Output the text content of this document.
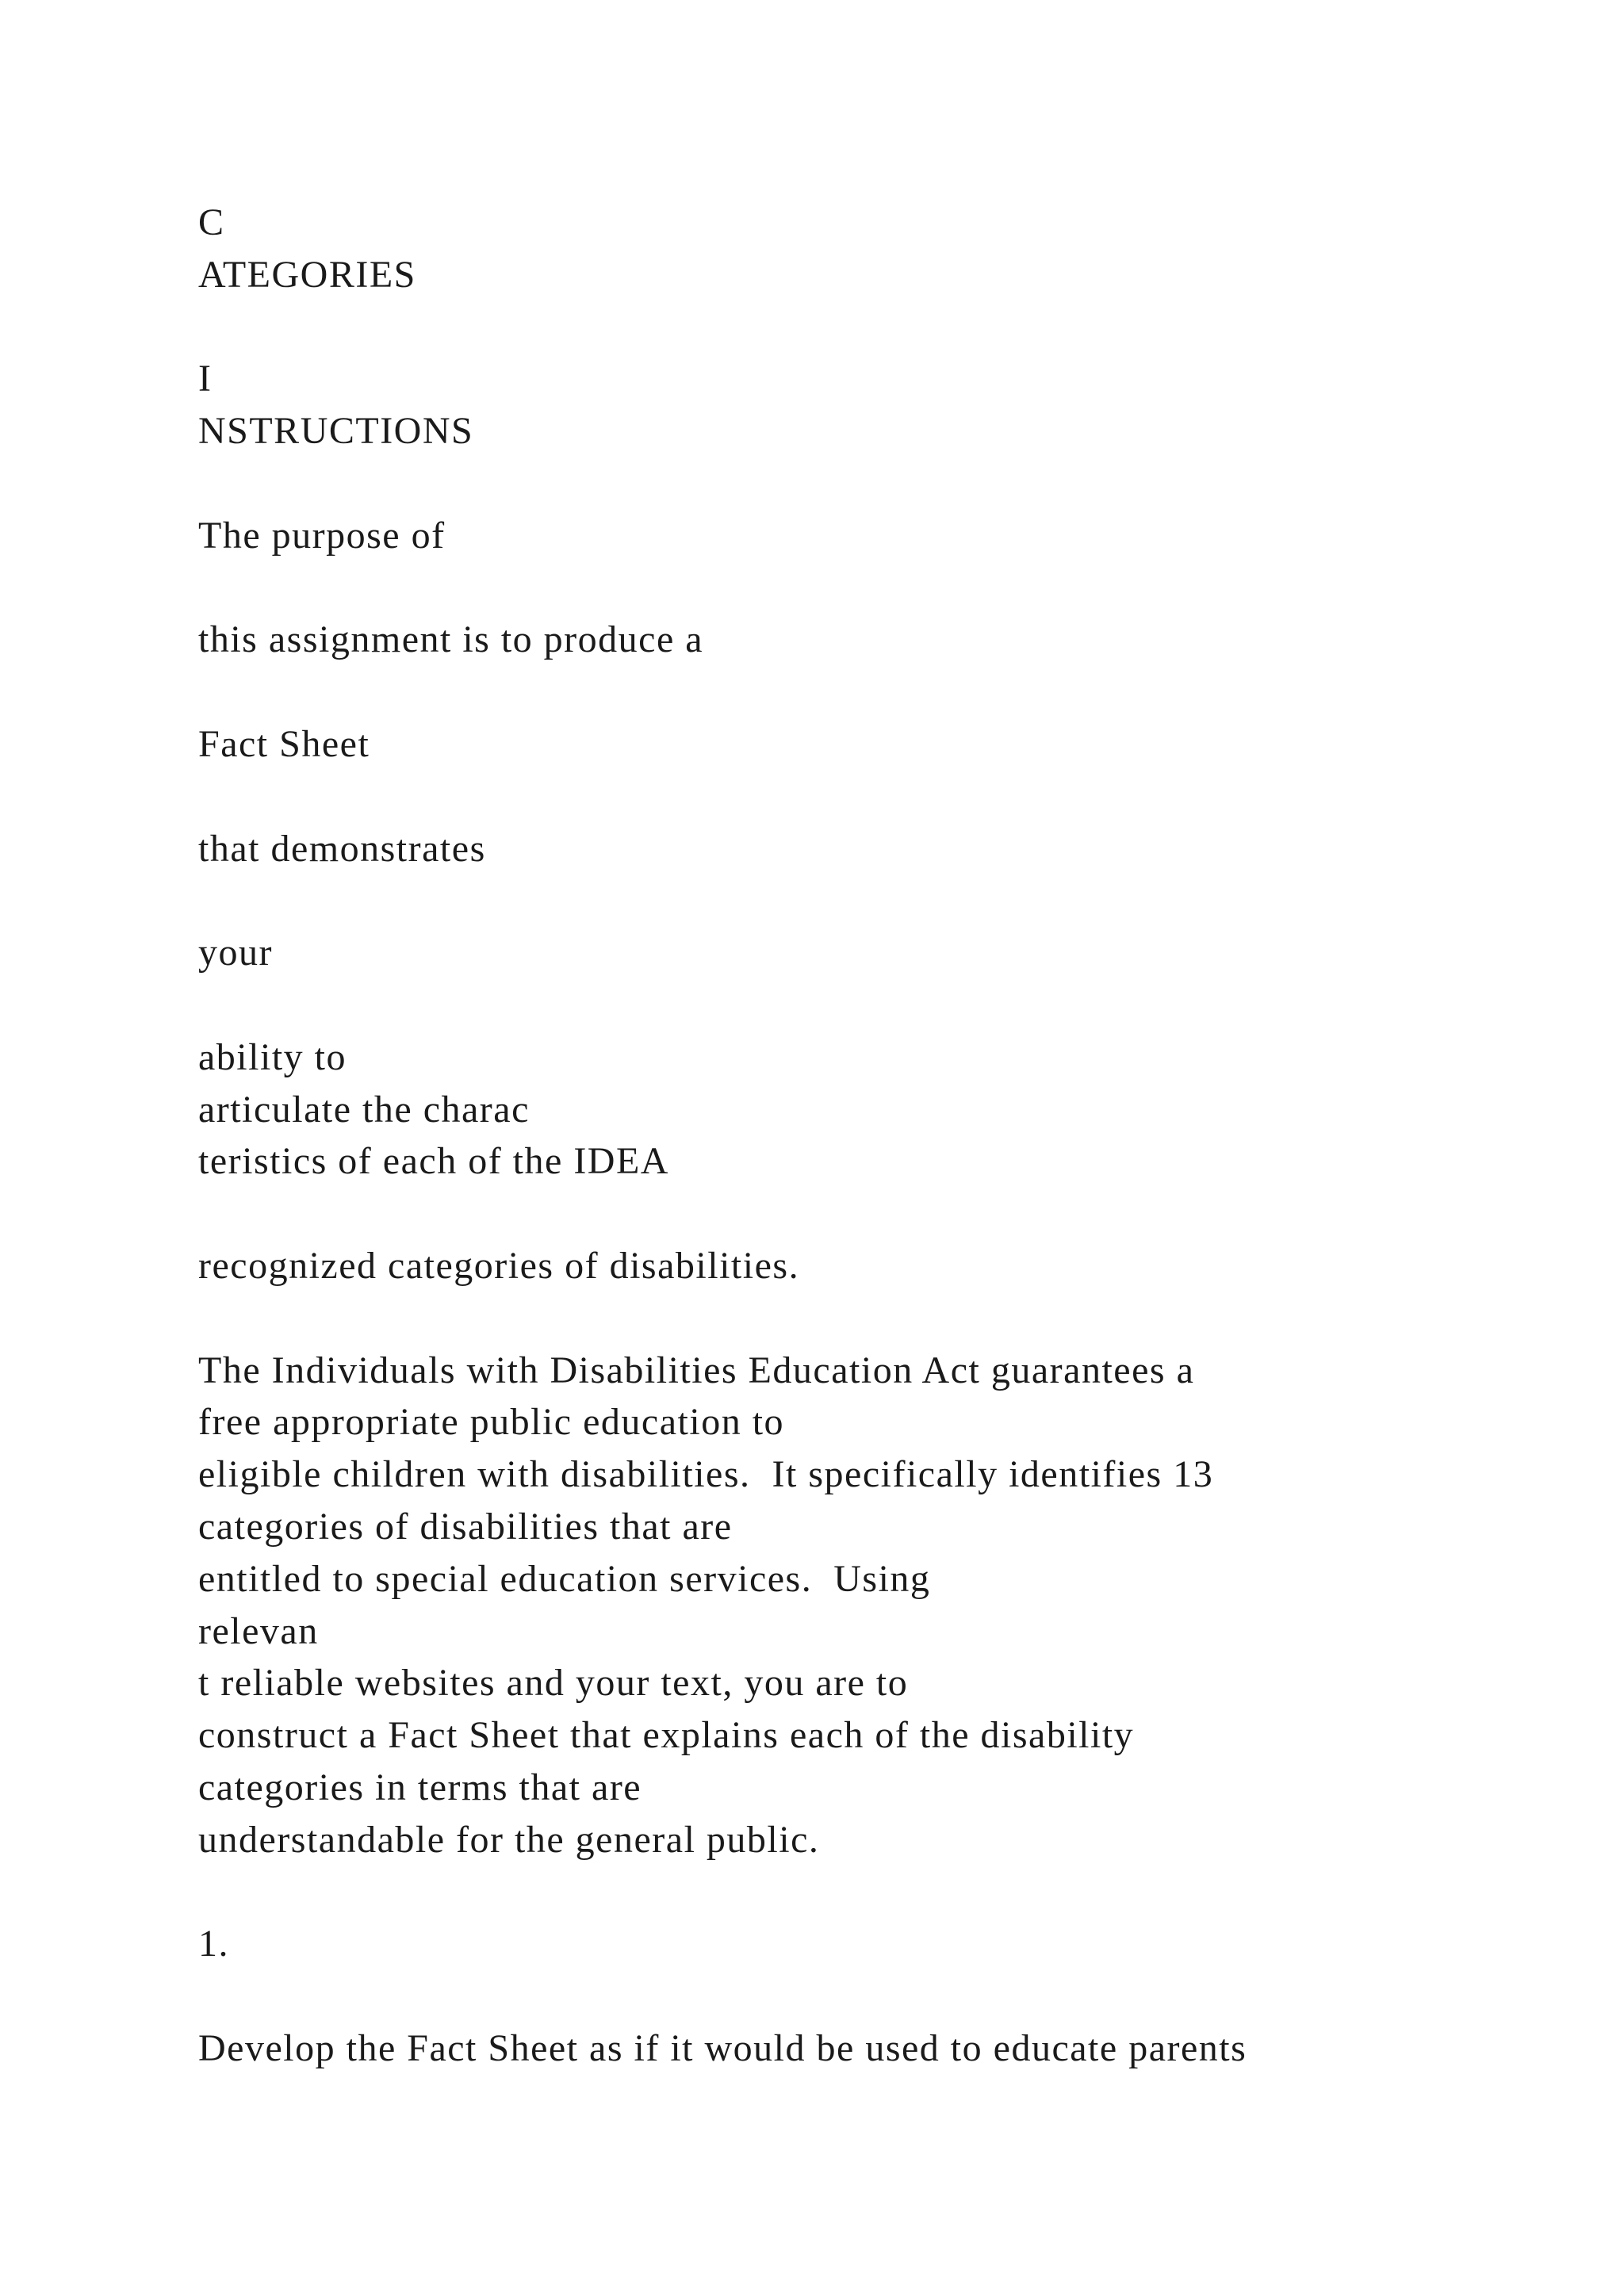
C
ATEGORIES
I
NSTRUCTIONS
The purpose of
this assignment is to produce a
Fact Sheet
that demonstrates
your
ability to
articulate the charac
teristics of each of the IDEA
recognized categories of disabilities.
The Individuals with Disabilities Education Act guarantees a
free appropriate public education to
eligible children with disabilities.  It specifically identifies 13
categories of disabilities that are
entitled to special education services.  Using
relevan
t reliable websites and your text, you are to
construct a Fact Sheet that explains each of the disability
categories in terms that are
understandable for the general public.
1.
Develop the Fact Sheet as if it would be used to educate parents
